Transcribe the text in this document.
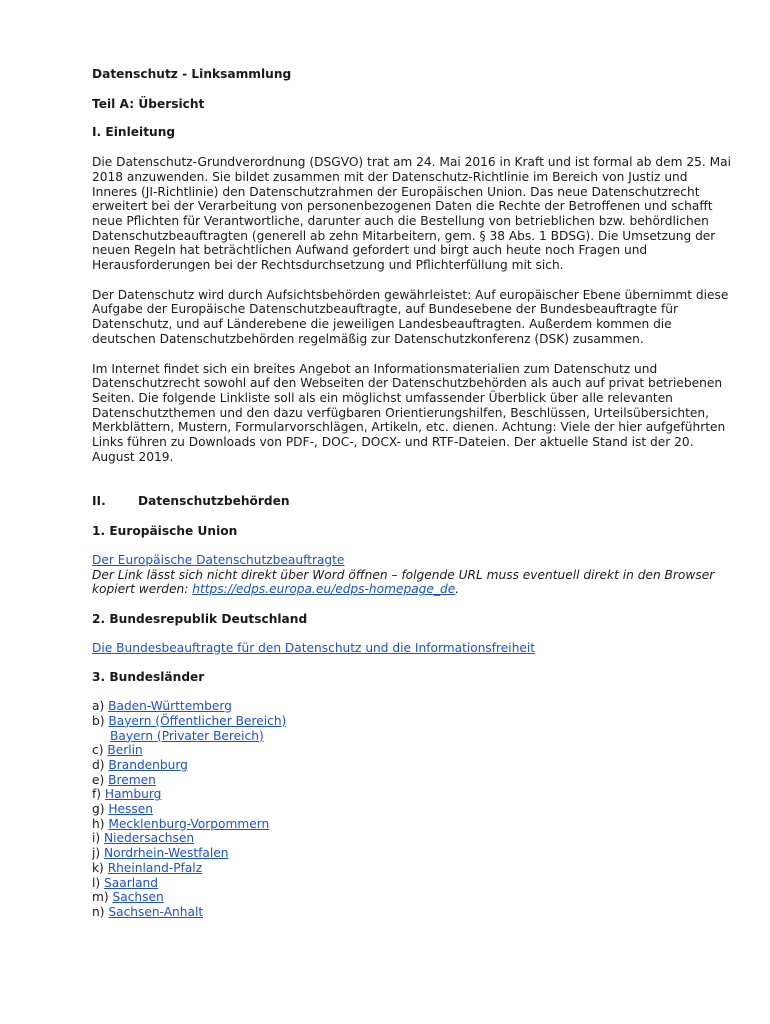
Datenschutz - Linksammlung

Teil A: Übersicht

I. Einleitung

Die Datenschutz-Grundverordnung (DSGVO) trat am 24. Mai 2016 in Kraft und ist formal ab dem 25. Mai 2018 anzuwenden. Sie bildet zusammen mit der Datenschutz-Richtlinie im Bereich von Justiz und Inneres (JI-Richtlinie) den Datenschutzrahmen der Europäischen Union. Das neue Datenschutzrecht erweitert bei der Verarbeitung von personenbezogenen Daten die Rechte der Betroffenen und schafft neue Pflichten für Verantwortliche, darunter auch die Bestellung von betrieblichen bzw. behördlichen Datenschutzbeauftragten (generell ab zehn Mitarbeitern, gem. § 38 Abs. 1 BDSG). Die Umsetzung der neuen Regeln hat beträchtlichen Aufwand gefordert und birgt auch heute noch Fragen und Herausforderungen bei der Rechtsdurchsetzung und Pflichterfüllung mit sich.

Der Datenschutz wird durch Aufsichtsbehörden gewährleistet: Auf europäischer Ebene übernimmt diese Aufgabe der Europäische Datenschutzbeauftragte, auf Bundesebene der Bundesbeauftragte für Datenschutz, und auf Länderebene die jeweiligen Landesbeauftragten. Außerdem kommen die deutschen Datenschutzbehörden regelmäßig zur Datenschutzkonferenz (DSK) zusammen.

Im Internet findet sich ein breites Angebot an Informationsmaterialien zum Datenschutz und Datenschutzrecht sowohl auf den Webseiten der Datenschutzbehörden als auch auf privat betriebenen Seiten. Die folgende Linkliste soll als ein möglichst umfassender Überblick über alle relevanten Datenschutzthemen und den dazu verfügbaren Orientierungshilfen, Beschlüssen, Urteilsübersichten, Merkblättern, Mustern, Formularvorschlägen, Artikeln, etc. dienen. Achtung: Viele der hier aufgeführten Links führen zu Downloads von PDF-, DOC-, DOCX- und RTF-Dateien. Der aktuelle Stand ist der 20. August 2019.

II.	Datenschutzbehörden

1. Europäische Union

Der Europäische Datenschutzbeauftragte
Der Link lässt sich nicht direkt über Word öffnen – folgende URL muss eventuell direkt in den Browser kopiert werden: https://edps.europa.eu/edps-homepage_de.

2. Bundesrepublik Deutschland

Die Bundesbeauftragte für den Datenschutz und die Informationsfreiheit

3. Bundesländer

a) Baden-Württemberg
b) Bayern (Öffentlicher Bereich)
Bayern (Privater Bereich)
c) Berlin
d) Brandenburg
e) Bremen
f) Hamburg
g) Hessen
h) Mecklenburg-Vorpommern
i) Niedersachsen
j) Nordrhein-Westfalen
k) Rheinland-Pfalz
l) Saarland
m) Sachsen
n) Sachsen-Anhalt
